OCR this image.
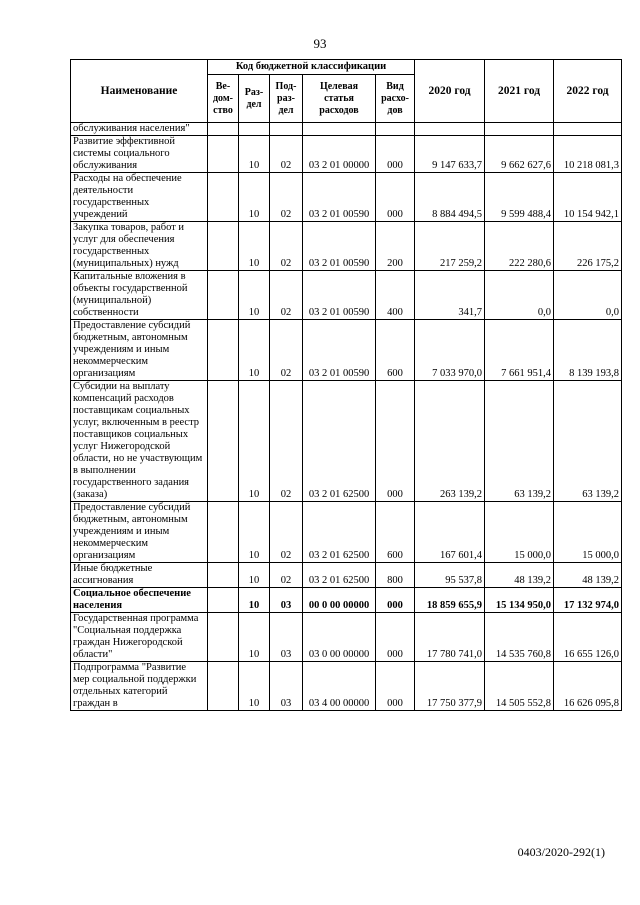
93
Наименование	Код бюджетной классификации					2020 год	2021 год	2022 год
	Ве-дом-ство	Раз-дел	Под-раз-дел	Целевая статья расходов	Вид расхо-дов			
обслуживания населения"								
Развитие эффективной системы социального обслуживания		10	02	03 2 01 00000	000	9 147 633,7	9 662 627,6	10 218 081,3
Расходы на обеспечение деятельности государственных учреждений		10	02	03 2 01 00590	000	8 884 494,5	9 599 488,4	10 154 942,1
Закупка товаров, работ и услуг для обеспечения государственных (муниципальных) нужд		10	02	03 2 01 00590	200	217 259,2	222 280,6	226 175,2
Капитальные вложения в объекты государственной (муниципальной) собственности		10	02	03 2 01 00590	400	341,7	0,0	0,0
Предоставление субсидий бюджетным, автономным учреждениям и иным некоммерческим организациям		10	02	03 2 01 00590	600	7 033 970,0	7 661 951,4	8 139 193,8
Субсидии на выплату компенсаций расходов поставщикам социальных услуг, включенным в реестр поставщиков социальных услуг Нижегородской области, но не участвующим в выполнении государственного задания (заказа)		10	02	03 2 01 62500	000	263 139,2	63 139,2	63 139,2
Предоставление субсидий бюджетным, автономным учреждениям и иным некоммерческим организациям		10	02	03 2 01 62500	600	167 601,4	15 000,0	15 000,0
Иные бюджетные ассигнования		10	02	03 2 01 62500	800	95 537,8	48 139,2	48 139,2
Социальное обеспечение населения		10	03	00 0 00 00000	000	18 859 655,9	15 134 950,0	17 132 974,0
Государственная программа "Социальная поддержка граждан Нижегородской области"		10	03	03 0 00 00000	000	17 780 741,0	14 535 760,8	16 655 126,0
Подпрограмма "Развитие мер социальной поддержки отдельных категорий граждан в		10	03	03 4 00 00000	000	17 750 377,9	14 505 552,8	16 626 095,8
0403/2020-292(1)
